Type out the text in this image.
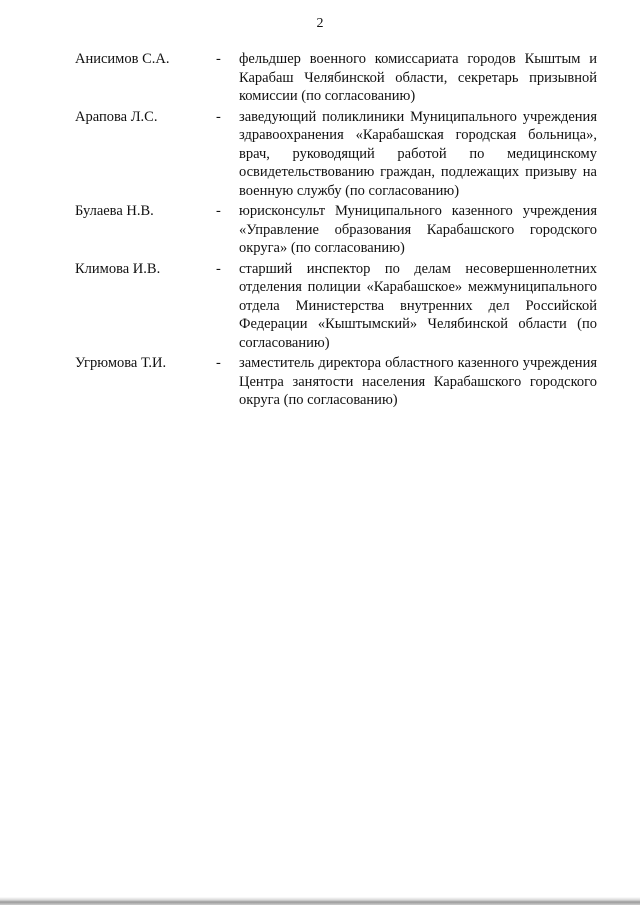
2
Анисимов С.А.	-	фельдшер военного комиссариата городов Кыштым и Карабаш Челябинской области, секретарь призывной комиссии (по согласованию)
Арапова Л.С.	-	заведующий поликлиники Муниципального учреждения здравоохранения «Карабашская городская больница», врач, руководящий работой по медицинскому освидетельствованию граждан, подлежащих призыву на военную службу (по согласованию)
Булаева Н.В.	-	юрисконсульт Муниципального казенного учреждения «Управление образования Карабашского городского округа» (по согласованию)
Климова И.В.	-	старший инспектор по делам несовершеннолетних отделения полиции «Карабашское» межмуниципального отдела Министерства внутренних дел Российской Федерации «Кыштымский» Челябинской области (по согласованию)
Угрюмова Т.И.	-	заместитель директора областного казенного учреждения Центра занятости населения Карабашского городского округа (по согласованию)
